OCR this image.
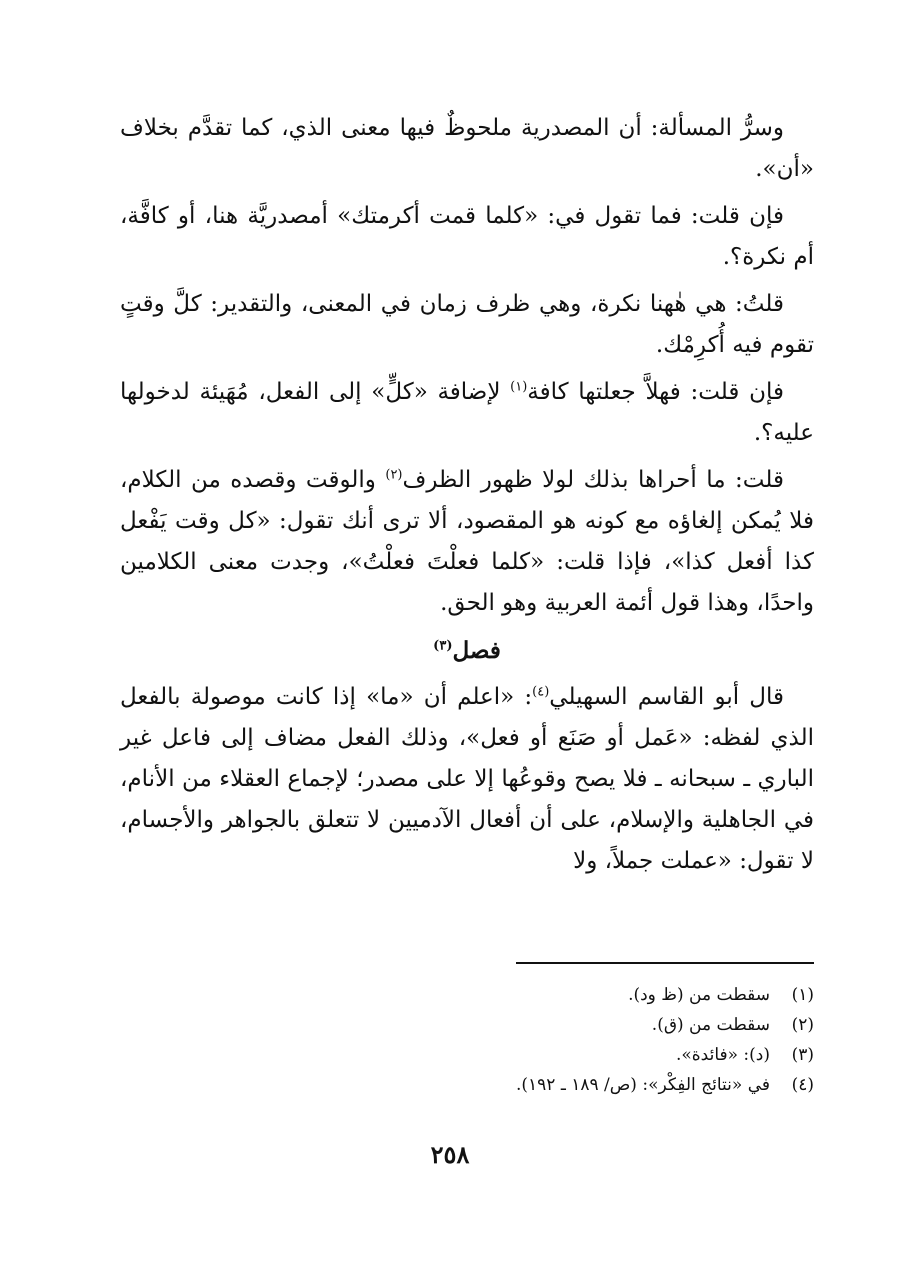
وسرُّ المسألة: أن المصدرية ملحوظٌ فيها معنى الذي، كما تقدَّم بخلاف «أن».

فإن قلت: فما تقول في: «كلما قمت أكرمتك» أمصدريَّة هنا، أو كافَّة، أم نكرة؟.

قلتُ: هي هٰهنا نكرة، وهي ظرف زمان في المعنى، والتقدير: كلَّ وقتٍ تقوم فيه أُكرِمْك.

فإن قلت: فهلاَّ جعلتها كافة$^{(١)}$ لإضافة «كلٍّ» إلى الفعل، مُهَيئة لدخولها عليه؟.

قلت: ما أحراها بذلك لولا ظهور الظرف$^{(٢)}$ والوقت وقصده من الكلام، فلا يُمكن إلغاؤه مع كونه هو المقصود، ألا ترى أنك تقول: «كل وقت يَفْعل كذا أفعل كذا»، فإذا قلت: «كلما فعلْتَ فعلْتُ»، وجدت معنى الكلامين واحدًا، وهذا قول أئمة العربية وهو الحق.

فصل$^{(٣)}$

قال أبو القاسم السهيلي$^{(٤)}$: «اعلم أن «ما» إذا كانت موصولة بالفعل الذي لفظه: «عَمل أو صَنَع أو فعل»، وذلك الفعل مضاف إلى فاعل غير الباري ـ سبحانه ـ فلا يصح وقوعُها إلا على مصدر؛ لإجماع العقلاء من الأنام، في الجاهلية والإسلام، على أن أفعال الآدميين لا تتعلق بالجواهر والأجسام، لا تقول: «عملت جملاً، ولا

(١)
سقطت من (ظ ود).
(٢)
سقطت من (ق).
(٣)
(د): «فائدة».
(٤)
في «نتائج الفِكْر»: (ص/ ١٨٩ ـ ١٩٢).
٢٥٨
